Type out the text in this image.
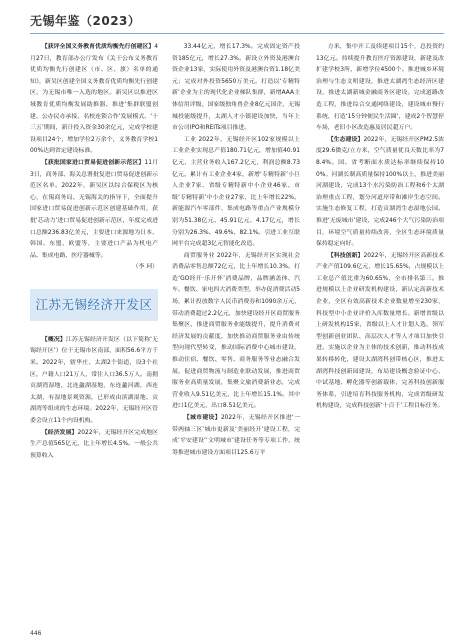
无锡年鉴（2023）

【获评全国义务教育优质均衡先行创建区】4月27日，教育部办公厅发布《关于公布义务教育优质均衡先行创建区（市、区、旗）名单的通知》，新吴区创建全国义务教育优质均衡先行创建区，为无锡市唯一入选的地区。新吴区以推进区域教育优质均衡发展助推器、推进‘集群联盟创建、公办民办承接、名校连锁合作’发展模式。‘十三五’期间，新计投入资金30余亿元，完成学校建设项目24个，增加学位2万余个，义务教育学校100%达到省定建设标准。

【获批国家进口贸易促进创新示范区】11月3日，商务部、海关总署批复进口贸易促进创新示范区名单。2022年，新吴区以综合保税区为核心，在锡商务局、无锡海关的指导下，全面提升国家进口贸易促进创新示范区创建基础作用，获批‘芯动力’进口贸易促进创新示范区，年度完成进口总额236.83亿美元，主要进口来源地为日本、韩国、东盟、欧盟等，主要进口产品为机电产品、集成电路、医疗器械等。

（李 珂）

江苏无锡经济开发区

【概况】江苏无锡经济开发区（以下简称‘无锡经开区’）位于无锡市区南部，面积56.6平方千米。2022年，辖华庄、太湖2个街道，设3个社区，户籍人口21万人，常住人口36.5万人。南拥贡湖湾湿地，北连蠡湖湿地，东连蠡河湖，西连太湖，有湿地景观资源，已形成由滨湖湿地、贡湖湾等组成的生态环境。2022年，无锡经开区管委会设立11个内设机构。

【经济发展】2022年，无锡经开区完成地区生产总值565亿元，比上年增长4.5%。一般公共预算收入

33.44亿元，增长17.3%。完成固定资产投资185亿元，增长27.3%。新设立外资及港澳台资企业13家，实际使用外资及港澳台资1.18亿美元；完成对外投资5650万美元。打造以‘专精特新’企业为主的现代化企业梯队集群，新增AAA主体信用评级、国家级独角兽企业8亿元国企，无锡城投能级提升，太湖人才小镇建设加快，当年上市公司IPO和REITs项目推进。

工业 2022年，无锡经开区102家规模以上工业企业实现总产值180.71亿元，增加值40.91亿元，主营业务收入167.2亿元，利润总额8.73亿元。累计有工业企业4家，新增‘专精特新’小巨人企业7家、省级专精特新中小企业46家、市级‘专精特新’中小企业27家，比上年增长22%。新能源汽车零部件、集成电路等重点产业规模分别为51.38亿元、45.91亿元、4.17亿元，增长分别为26.3%、49.6%、82.1%。引进工业互联网平台完成超3亿元智能化改造。

商贸服务业 2022年，无锡经开区实现社会消费品零售总额72亿元，比上年增长10.3%。打造‘GO经开·乐开怀’消费品牌，品牌涵盖体、汽车、餐饮、家电四大消费类型，举办促消费活动5场，累计投放数字人民币消费券和1090余万元，带动消费超过2.2亿元，加快建设经开区商贸服务集聚区，推进商贸服务业能级提升，提升消费对经济发展的贡献度，加快推动商贸服务业由传统型向现代型转变，推动国际消费中心城市建设，推动住宿、餐饮、零售、商务服务等业态融合发展，促进商贸物流与制造业联动发展，推进商贸服务业高质量发展，集聚文旅消费新业态，完成营业收入9.51亿美元，比上年增长15.1%。其中进口1亿美元，出口8.51亿美元。

【城市建设】2022年，无锡经开区推进‘一带两轴三区’城市更新及‘美丽经开’建设工程，完成‘平安建设’‘文明城市’建设任务等专项工作，统筹推进城市建设方面项目125.6万平

方米，集中开工及续建项目15个，总投资约13亿元。持续提升教育医疗资源建设，新建及改扩建学校3所，新增学位4500个。推进城乡环境治理与生态文明建设，推进太湖湾生态经济区建设，推进太湖新城金融商务区建设。完成道路改造工程，推进综合交通网络建设，建设城市慢行系统，打造‘15分钟便民生活圈’，建成2个智慧停车场，老旧小区改造惠及居民超万户。

【生态建设】2022年，无锡经开区PM2.5浓度29.6微克/立方米，空气质量优良天数比率为78.4%。国、省考断面水质达标率继续保持100%。河湖长制高质量保持100%以上，推进美丽河湖建设，完成13个水污染防治工程和6个太湖治理重点工程，划分河道岸带和滩岸生态空间。实施生态修复工程，打造贡湖湾生态湿地公园。推进‘无废城市’建设，完成246个大气污染防治项目，环境空气质量持续改善，全区生态环境质量保持稳定向好。

【科技创新】2022年，无锡经开区高新技术产业产值109.6亿元，增长15.65%，占规模以上工业总产值比重为60.65%，全市排名第三。推进规模以上企业研发机构建设，新认定高新技术企业，全区有效高新技术企业数量增至230家，科技型中小企业评价入库数量增长。新增省级以上研发机构15家，省级以上人才计划人选、领军型创新创业团队、高层次人才等人才项目加快引进。实施以企业为主体的技术创新，推动科技成果转移转化，建设太湖湾科创带核心区，推进太湖湾科技创新园建设，布局建设概念验证中心、中试基地、孵化器等创新载体，完善科技创新服务体系，引进培育科技服务机构，完成省级研发机构建设，完成科技创新‘十百千’工程目标任务。

446
